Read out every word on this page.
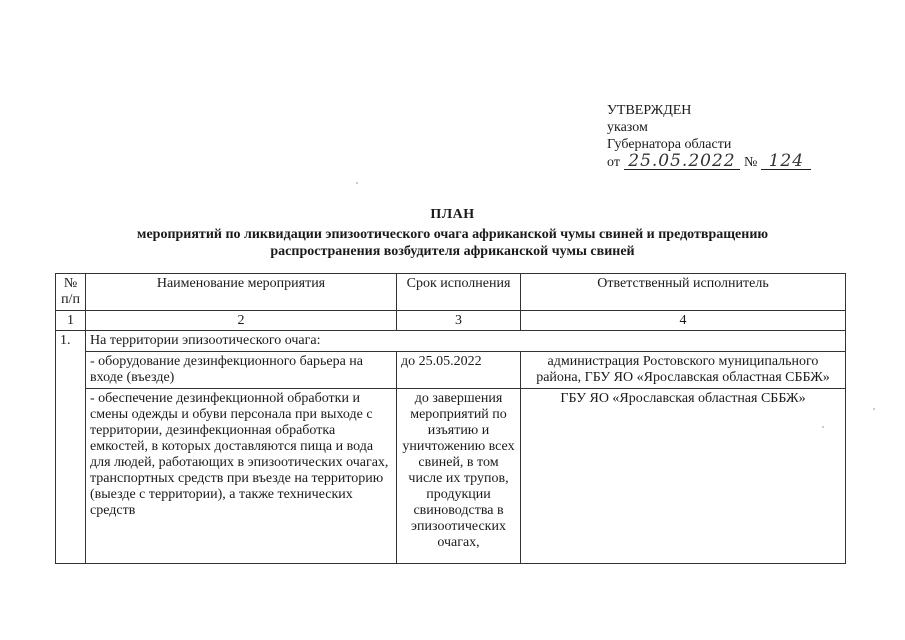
УТВЕРЖДЕН
указом
Губернатора области
от 25.05.2022 № 124
ПЛАН
мероприятий по ликвидации эпизоотического очага африканской чумы свиней и предотвращению
распространения возбудителя африканской чумы свиней
№ п/п	Наименование мероприятия	Срок исполнения	Ответственный исполнитель
1	2	3	4
1.	На территории эпизоотического очага:		
	- оборудование дезинфекционного барьера на входе (въезде)	до 25.05.2022	администрация Ростовского муниципального района, ГБУ ЯО «Ярославская областная СББЖ»
	- обеспечение дезинфекционной обработки и смены одежды и обуви персонала при выходе с территории, дезинфекционная обработка емкостей, в которых доставляются пища и вода для людей, работающих в эпизоотических очагах, транспортных средств при въезде на территорию (выезде с территории), а также технических средств	до завершения мероприятий по изъятию и уничтожению всех свиней, в том числе их трупов, продукции свиноводства в эпизоотических очагах,	ГБУ ЯО «Ярославская областная СББЖ»
